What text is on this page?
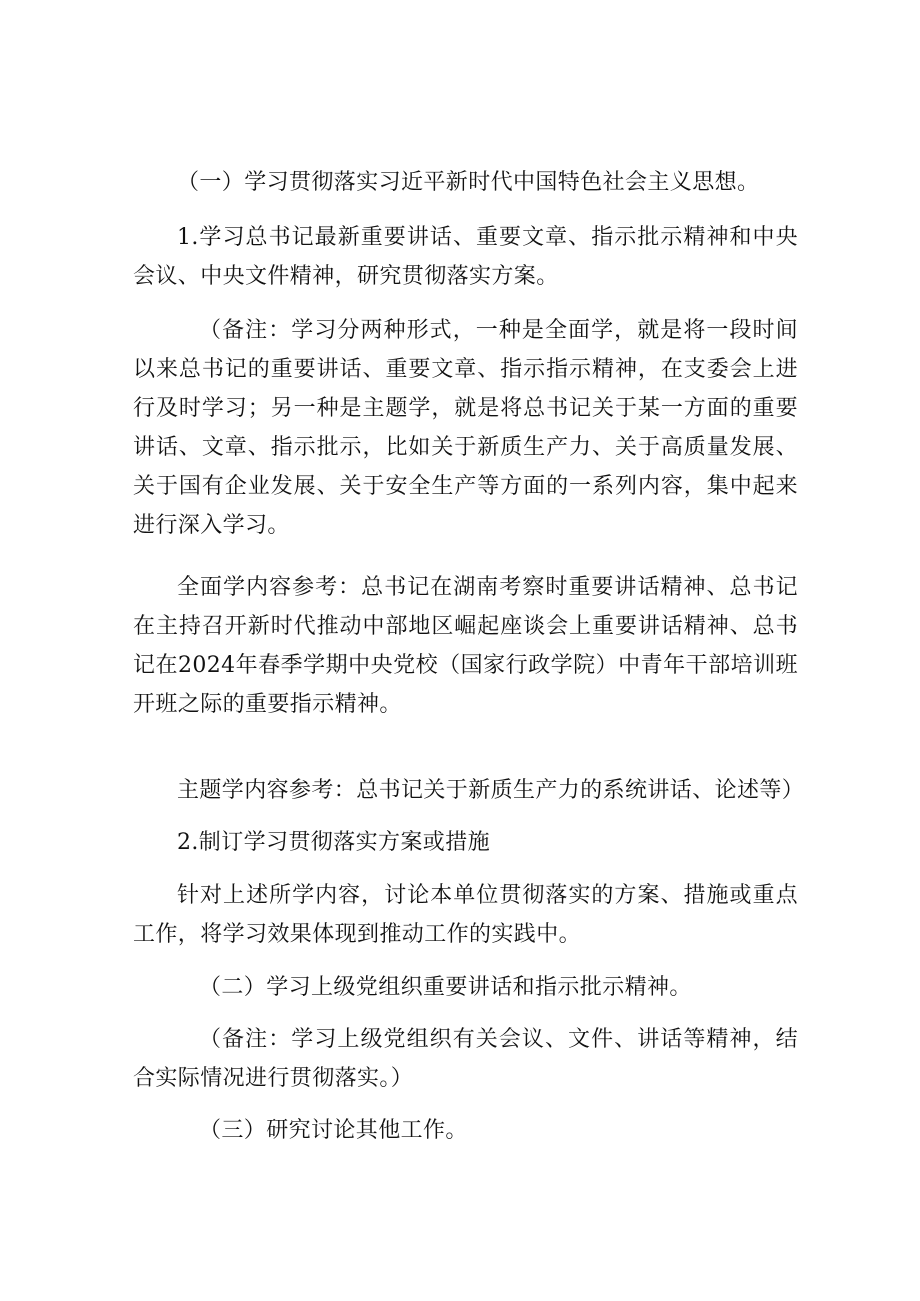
（一）学习贯彻落实习近平新时代中国特色社会主义思想。

1.学习总书记最新重要讲话、重要文章、指示批示精神和中央会议、中央文件精神，研究贯彻落实方案。

（备注：学习分两种形式，一种是全面学，就是将一段时间以来总书记的重要讲话、重要文章、指示指示精神，在支委会上进行及时学习；另一种是主题学，就是将总书记关于某一方面的重要讲话、文章、指示批示，比如关于新质生产力、关于高质量发展、关于国有企业发展、关于安全生产等方面的一系列内容，集中起来进行深入学习。

全面学内容参考：总书记在湖南考察时重要讲话精神、总书记在主持召开新时代推动中部地区崛起座谈会上重要讲话精神、总书记在2024年春季学期中央党校（国家行政学院）中青年干部培训班开班之际的重要指示精神。

主题学内容参考：总书记关于新质生产力的系统讲话、论述等）

2.制订学习贯彻落实方案或措施

针对上述所学内容，讨论本单位贯彻落实的方案、措施或重点工作，将学习效果体现到推动工作的实践中。

（二）学习上级党组织重要讲话和指示批示精神。

（备注：学习上级党组织有关会议、文件、讲话等精神，结合实际情况进行贯彻落实。）

（三）研究讨论其他工作。
